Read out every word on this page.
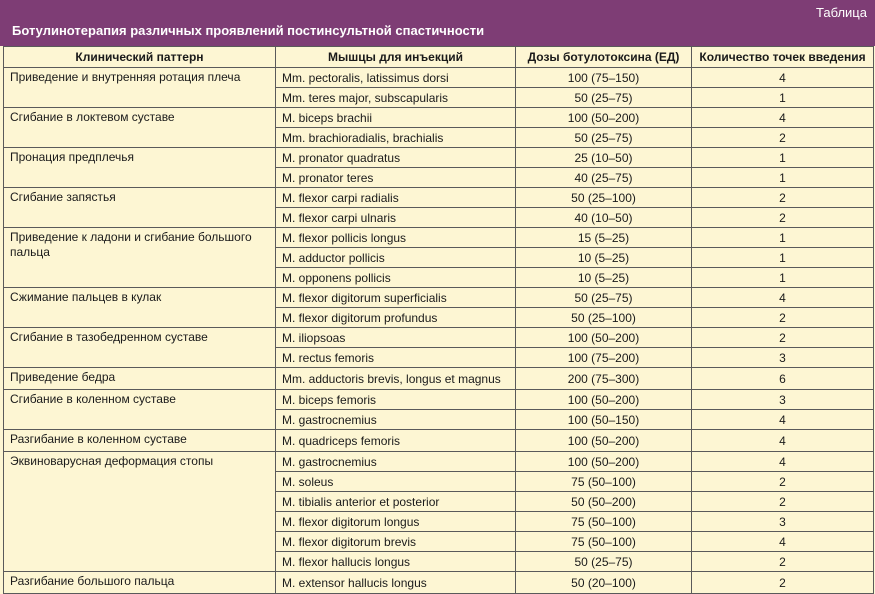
Таблица
Ботулинотерапия различных проявлений постинсультной спастичности
Клинический паттерн	Мышцы для инъекций	Дозы ботулотоксина (ЕД)	Количество точек введения
Приведение и внутренняя ротация плеча	Mm. pectoralis, latissimus dorsi	100 (75–150)	4
	Mm. teres major, subscapularis	50 (25–75)	1
Сгибание в локтевом суставе	M. biceps brachii	100 (50–200)	4
	Mm. brachioradialis, brachialis	50 (25–75)	2
Пронация предплечья	M. pronator quadratus	25 (10–50)	1
	M. pronator teres	40 (25–75)	1
Сгибание запястья	M. flexor carpi radialis	50 (25–100)	2
	M. flexor carpi ulnaris	40 (10–50)	2
Приведение к ладони и сгибание большого пальца	M. flexor pollicis longus	15 (5–25)	1
	M. adductor pollicis	10 (5–25)	1
	M. opponens pollicis	10 (5–25)	1
Сжимание пальцев в кулак	M. flexor digitorum superficialis	50 (25–75)	4
	M. flexor digitorum profundus	50 (25–100)	2
Сгибание в тазобедренном суставе	M. iliopsoas	100 (50–200)	2
	M. rectus femoris	100 (75–200)	3
Приведение бедра	Mm. adductoris brevis, longus et magnus	200 (75–300)	6
Сгибание в коленном суставе	M. biceps femoris	100 (50–200)	3
	M. gastrocnemius	100 (50–150)	4
Разгибание в коленном суставе	M. quadriceps femoris	100 (50–200)	4
Эквиноварусная деформация стопы	M. gastrocnemius	100 (50–200)	4
	M. soleus	75 (50–100)	2
	M. tibialis anterior et posterior	50 (50–200)	2
	M. flexor digitorum longus	75 (50–100)	3
	M. flexor digitorum brevis	75 (50–100)	4
	M. flexor hallucis longus	50 (25–75)	2
Разгибание большого пальца	M. extensor hallucis longus	50 (20–100)	2
